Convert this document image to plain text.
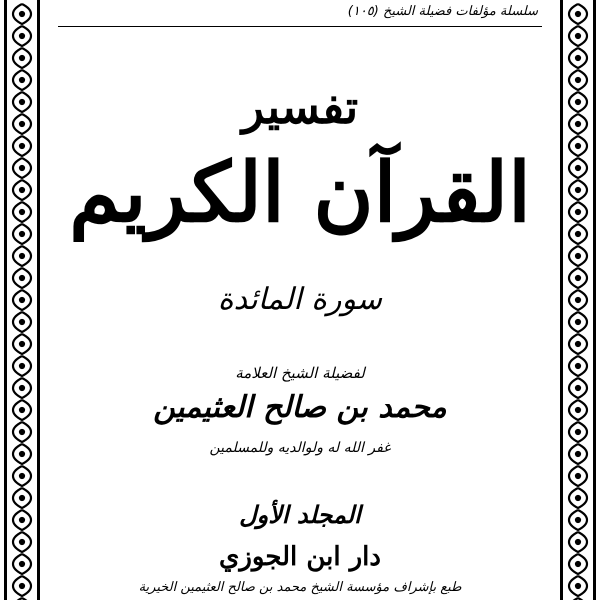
سلسلة مؤلفات فضيلة الشيخ (١٠٥)
تفسير
القرآن الكريم
سورة المائدة
لفضيلة الشيخ العلامة
محمد بن صالح العثيمين
غفر الله له ولوالديه وللمسلمين
المجلد الأول
دار ابن الجوزي
طبع بإشراف مؤسسة الشيخ محمد بن صالح العثيمين الخيرية
